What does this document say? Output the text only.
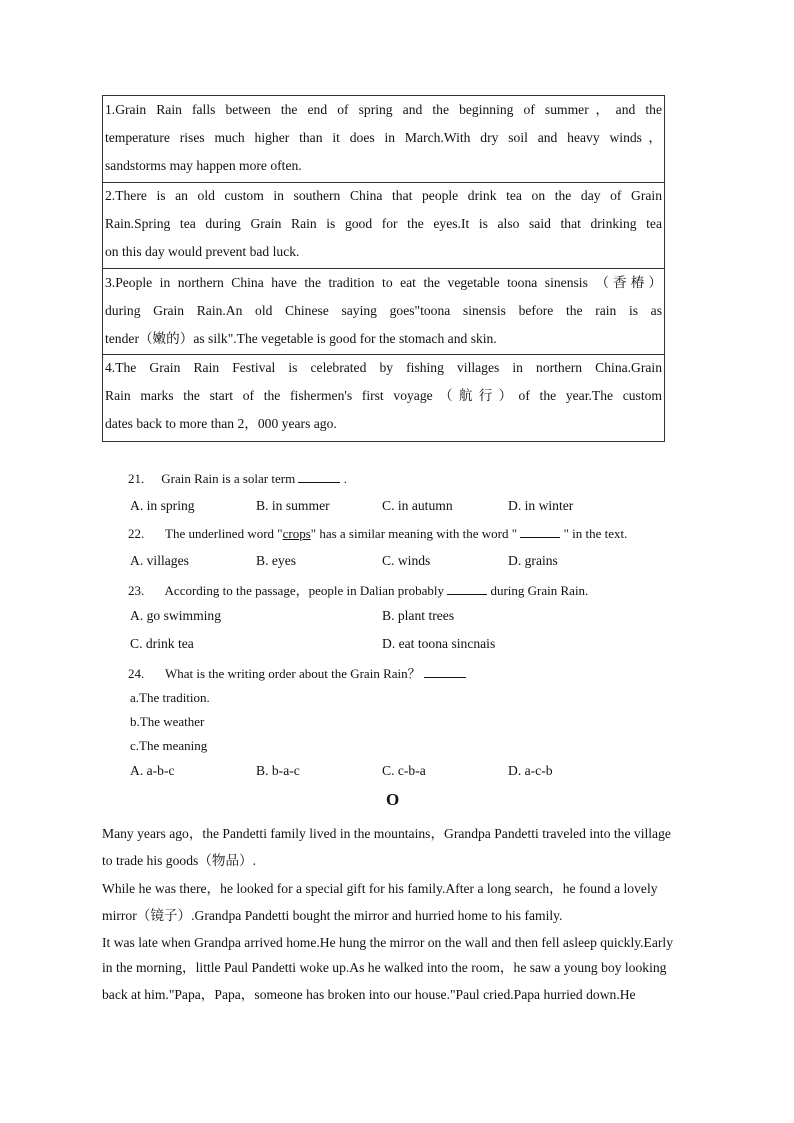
1.Grain Rain falls between the end of spring and the beginning of summer，and the
temperature rises much higher than it does in March.With dry soil and heavy winds，
sandstorms may happen more often.
2.There is an old custom in southern China that people drink tea on the day of Grain
Rain.Spring tea during Grain Rain is good for the eyes.It is also said that drinking tea
on this day would prevent bad luck.
3.People in northern China have the tradition to eat the vegetable toona sinensis （香椿）
during Grain Rain.An old Chinese saying goes"toona sinensis before the rain is as
tender（嫩的）as silk".The vegetable is good for the stomach and skin.
4.The Grain Rain Festival is celebrated by fishing villages in northern China.Grain
Rain marks the start of the fishermen's first voyage（航行）of the year.The custom
dates back to more than 2，000 years ago.
21. Grain Rain is a solar term	.
A. in spring	B. in summer	C. in autumn	D. in winter
22. The underlined word "crops" has a similar meaning with the word "	" in the text.
A. villages	B. eyes	C. winds	D. grains
23. According to the passage，people in Dalian probably	during Grain Rain.
A. go swimming	B. plant trees
C. drink tea	D. eat toona sincnais
24. What is the writing order about the Grain Rain？
a.The tradition.
b.The weather
c.The meaning
A. a-b-c	B. b-a-c	C. c-b-a	D. a-c-b
O
Many years ago，the Pandetti family lived in the mountains，Grandpa Pandetti traveled into the village
to trade his goods（物品）.
While he was there，he looked for a special gift for his family.After a long search，he found a lovely
mirror（镜子）.Grandpa Pandetti bought the mirror and hurried home to his family.
It was late when Grandpa arrived home.He hung the mirror on the wall and then fell asleep quickly.Early
in the morning，little Paul Pandetti woke up.As he walked into the room，he saw a young boy looking
back at him."Papa，Papa，someone has broken into our house."Paul cried.Papa hurried down.He
